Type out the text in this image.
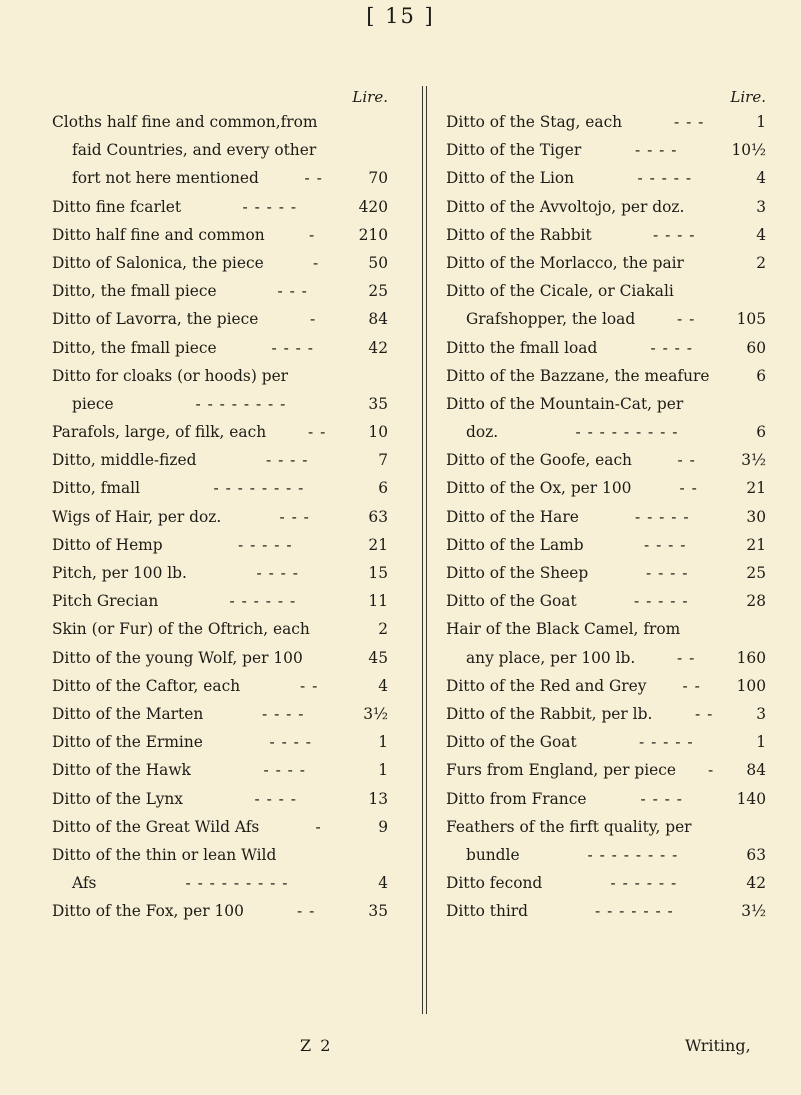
[ 15 ]
Lire.
Cloths half fine and common,from
faid Countries, and every other
fort not here mentioned	- -	70
Ditto fine fcarlet	- - - - -	420
Ditto half fine and common	-	210
Ditto of Salonica, the piece	-	50
Ditto, the fmall piece	- - -	25
Ditto of Lavorra, the piece	-	84
Ditto, the fmall piece	- - - -	42
Ditto for cloaks (or hoods) per
piece	- - - - - - - -	35
Parafols, large, of filk, each	- -	10
Ditto, middle-fized	- - - -	7
Ditto, fmall	- - - - - - - -	6
Wigs of Hair, per doz.	- - -	63
Ditto of Hemp	- - - - -	21
Pitch, per 100 lb.	- - - -	15
Pitch Grecian	- - - - - -	11
Skin (or Fur) of the Oftrich, each	2
Ditto of the young Wolf, per 100	45
Ditto of the Caftor, each	- -	4
Ditto of the Marten	- - - -	3½
Ditto of the Ermine	- - - -	1
Ditto of the Hawk	- - - -	1
Ditto of the Lynx	- - - -	13
Ditto of the Great Wild Afs	-	9
Ditto of the thin or lean Wild
Afs	- - - - - - - - -	4
Ditto of the Fox, per 100	- -	35
Lire.
Ditto of the Stag, each	- - -	1
Ditto of the Tiger	- - - -	10½
Ditto of the Lion	- - - - -	4
Ditto of the Avvoltojo, per doz.	3
Ditto of the Rabbit	- - - -	4
Ditto of the Morlacco, the pair	2
Ditto of the Cicale, or Ciakali
Grafshopper, the load	- -	105
Ditto the fmall load	- - - -	60
Ditto of the Bazzane, the meafure	6
Ditto of the Mountain-Cat, per
doz.	- - - - - - - - -	6
Ditto of the Goofe, each	- -	3½
Ditto of the Ox, per 100	- -	21
Ditto of the Hare	- - - - -	30
Ditto of the Lamb	- - - -	21
Ditto of the Sheep	- - - -	25
Ditto of the Goat	- - - - -	28
Hair of the Black Camel, from
any place, per 100 lb.	- -	160
Ditto of the Red and Grey - - 100
Ditto of the Rabbit, per lb.	- -	3
Ditto of the Goat	- - - - -	1
Furs from England, per piece - 84
Ditto from France	- - - -	140
Feathers of the firft quality, per
bundle	- - - - - - - -	63
Ditto fecond	- - - - - -	42
Ditto third	- - - - - - -	3½
Z 2	Writing,
